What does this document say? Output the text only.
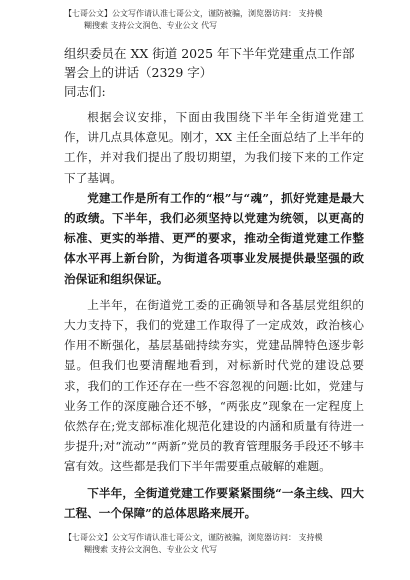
【七哥公文】公文写作请认准七哥公文，谨防被骗，浏览器访问： 支持模
糊搜索 支持公文润色、专业公文 代写
组织委员在 XX 街道 2025 年下半年党建重点工作部署会上的讲话（2329 字）

同志们:

根据会议安排，下面由我围绕下半年全街道党建工作，讲几点具体意见。刚才，XX 主任全面总结了上半年的工作，并对我们提出了殷切期望，为我们接下来的工作定下了基调。

党建工作是所有工作的“根”与“魂”，抓好党建是最大的政绩。下半年，我们必须坚持以党建为统领，以更高的标准、更实的举措、更严的要求，推动全街道党建工作整体水平再上新台阶，为街道各项事业发展提供最坚强的政治保证和组织保证。

上半年，在街道党工委的正确领导和各基层党组织的大力支持下，我们的党建工作取得了一定成效，政治核心作用不断强化，基层基础持续夯实，党建品牌特色逐步彰显。但我们也要清醒地看到，对标新时代党的建设总要求，我们的工作还存在一些不容忽视的问题:比如，党建与业务工作的深度融合还不够，“两张皮”现象在一定程度上依然存在;党支部标准化规范化建设的内涵和质量有待进一步提升;对“流动”“两新”党员的教育管理服务手段还不够丰富有效。这些都是我们下半年需要重点破解的难题。

下半年，全街道党建工作要紧紧围绕“一条主线、四大工程、一个保障”的总体思路来展开。

【七哥公文】公文写作请认准七哥公文，谨防被骗，浏览器访问： 支持模
糊搜索 支持公文润色、专业公文 代写
